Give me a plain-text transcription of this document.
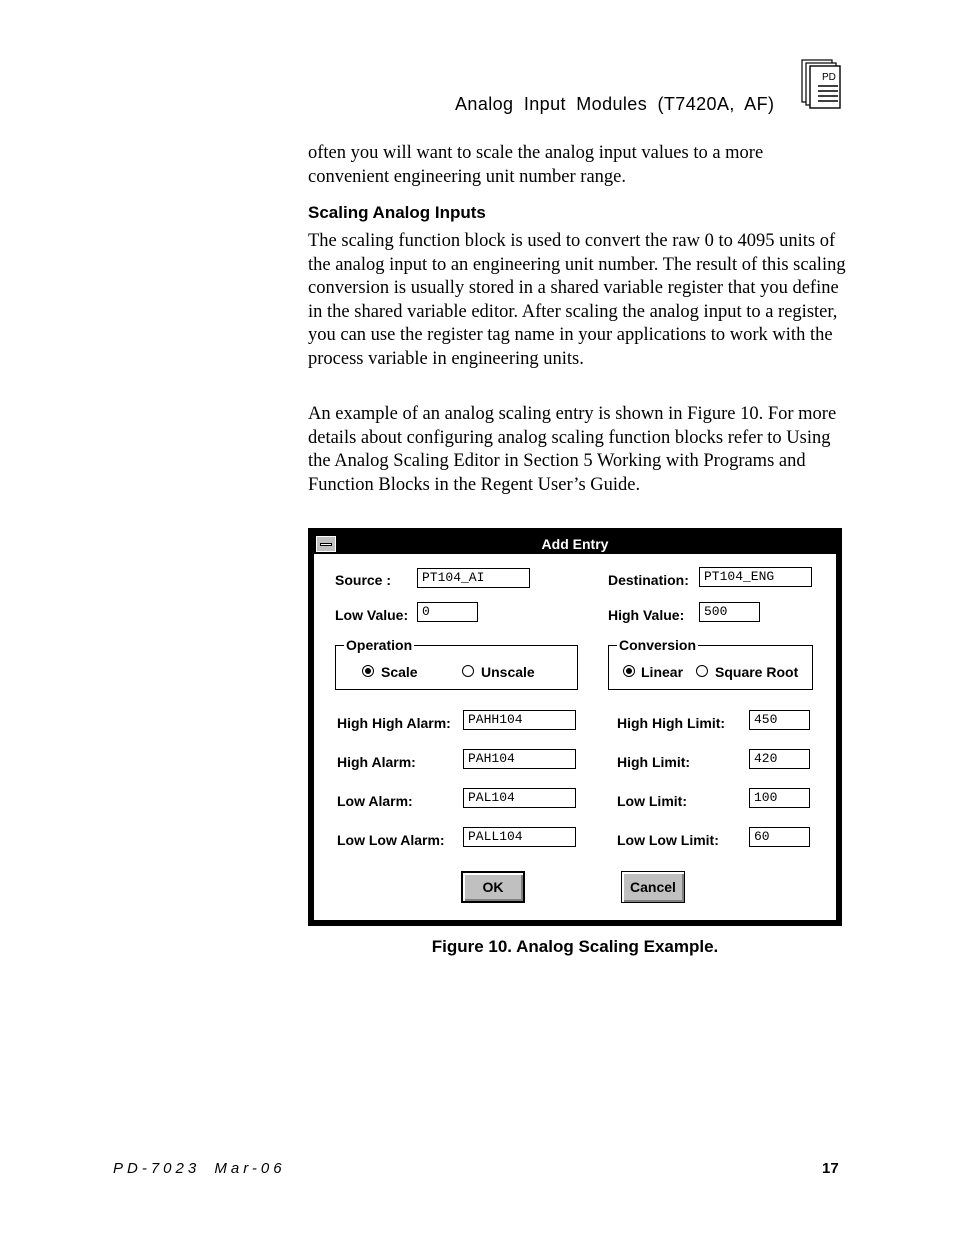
Analog Input Modules (T7420A, AF)
PD
often you will want to scale the analog input values to a more convenient engineering unit number range.
Scaling Analog Inputs
The scaling function block is used to convert the raw 0 to 4095 units of the analog input to an engineering unit number. The result of this scaling conversion is usually stored in a shared variable register that you define in the shared variable editor. After scaling the analog input to a register, you can use the register tag name in your applications to work with the process variable in engineering units.
An example of an analog scaling entry is shown in Figure 10. For more details about configuring analog scaling function blocks refer to Using the Analog Scaling Editor in Section 5 Working with Programs and Function Blocks in the Regent User’s Guide.
Add Entry
Source :	PT104_AI	Destination:	PT104_ENG
Low Value:	0	High Value:	500
Operation
Scale	Unscale
Conversion
Linear Square Root
High High Alarm:	PAHH104
High Alarm:	PAH104
Low Alarm:	PAL104
Low Low Alarm:	PALL104
High High Limit:	450
High Limit:	420
Low Limit:	100
Low Low Limit:	60
OK	Cancel
Figure 10. Analog Scaling Example.
PD-7023 Mar-06	17
